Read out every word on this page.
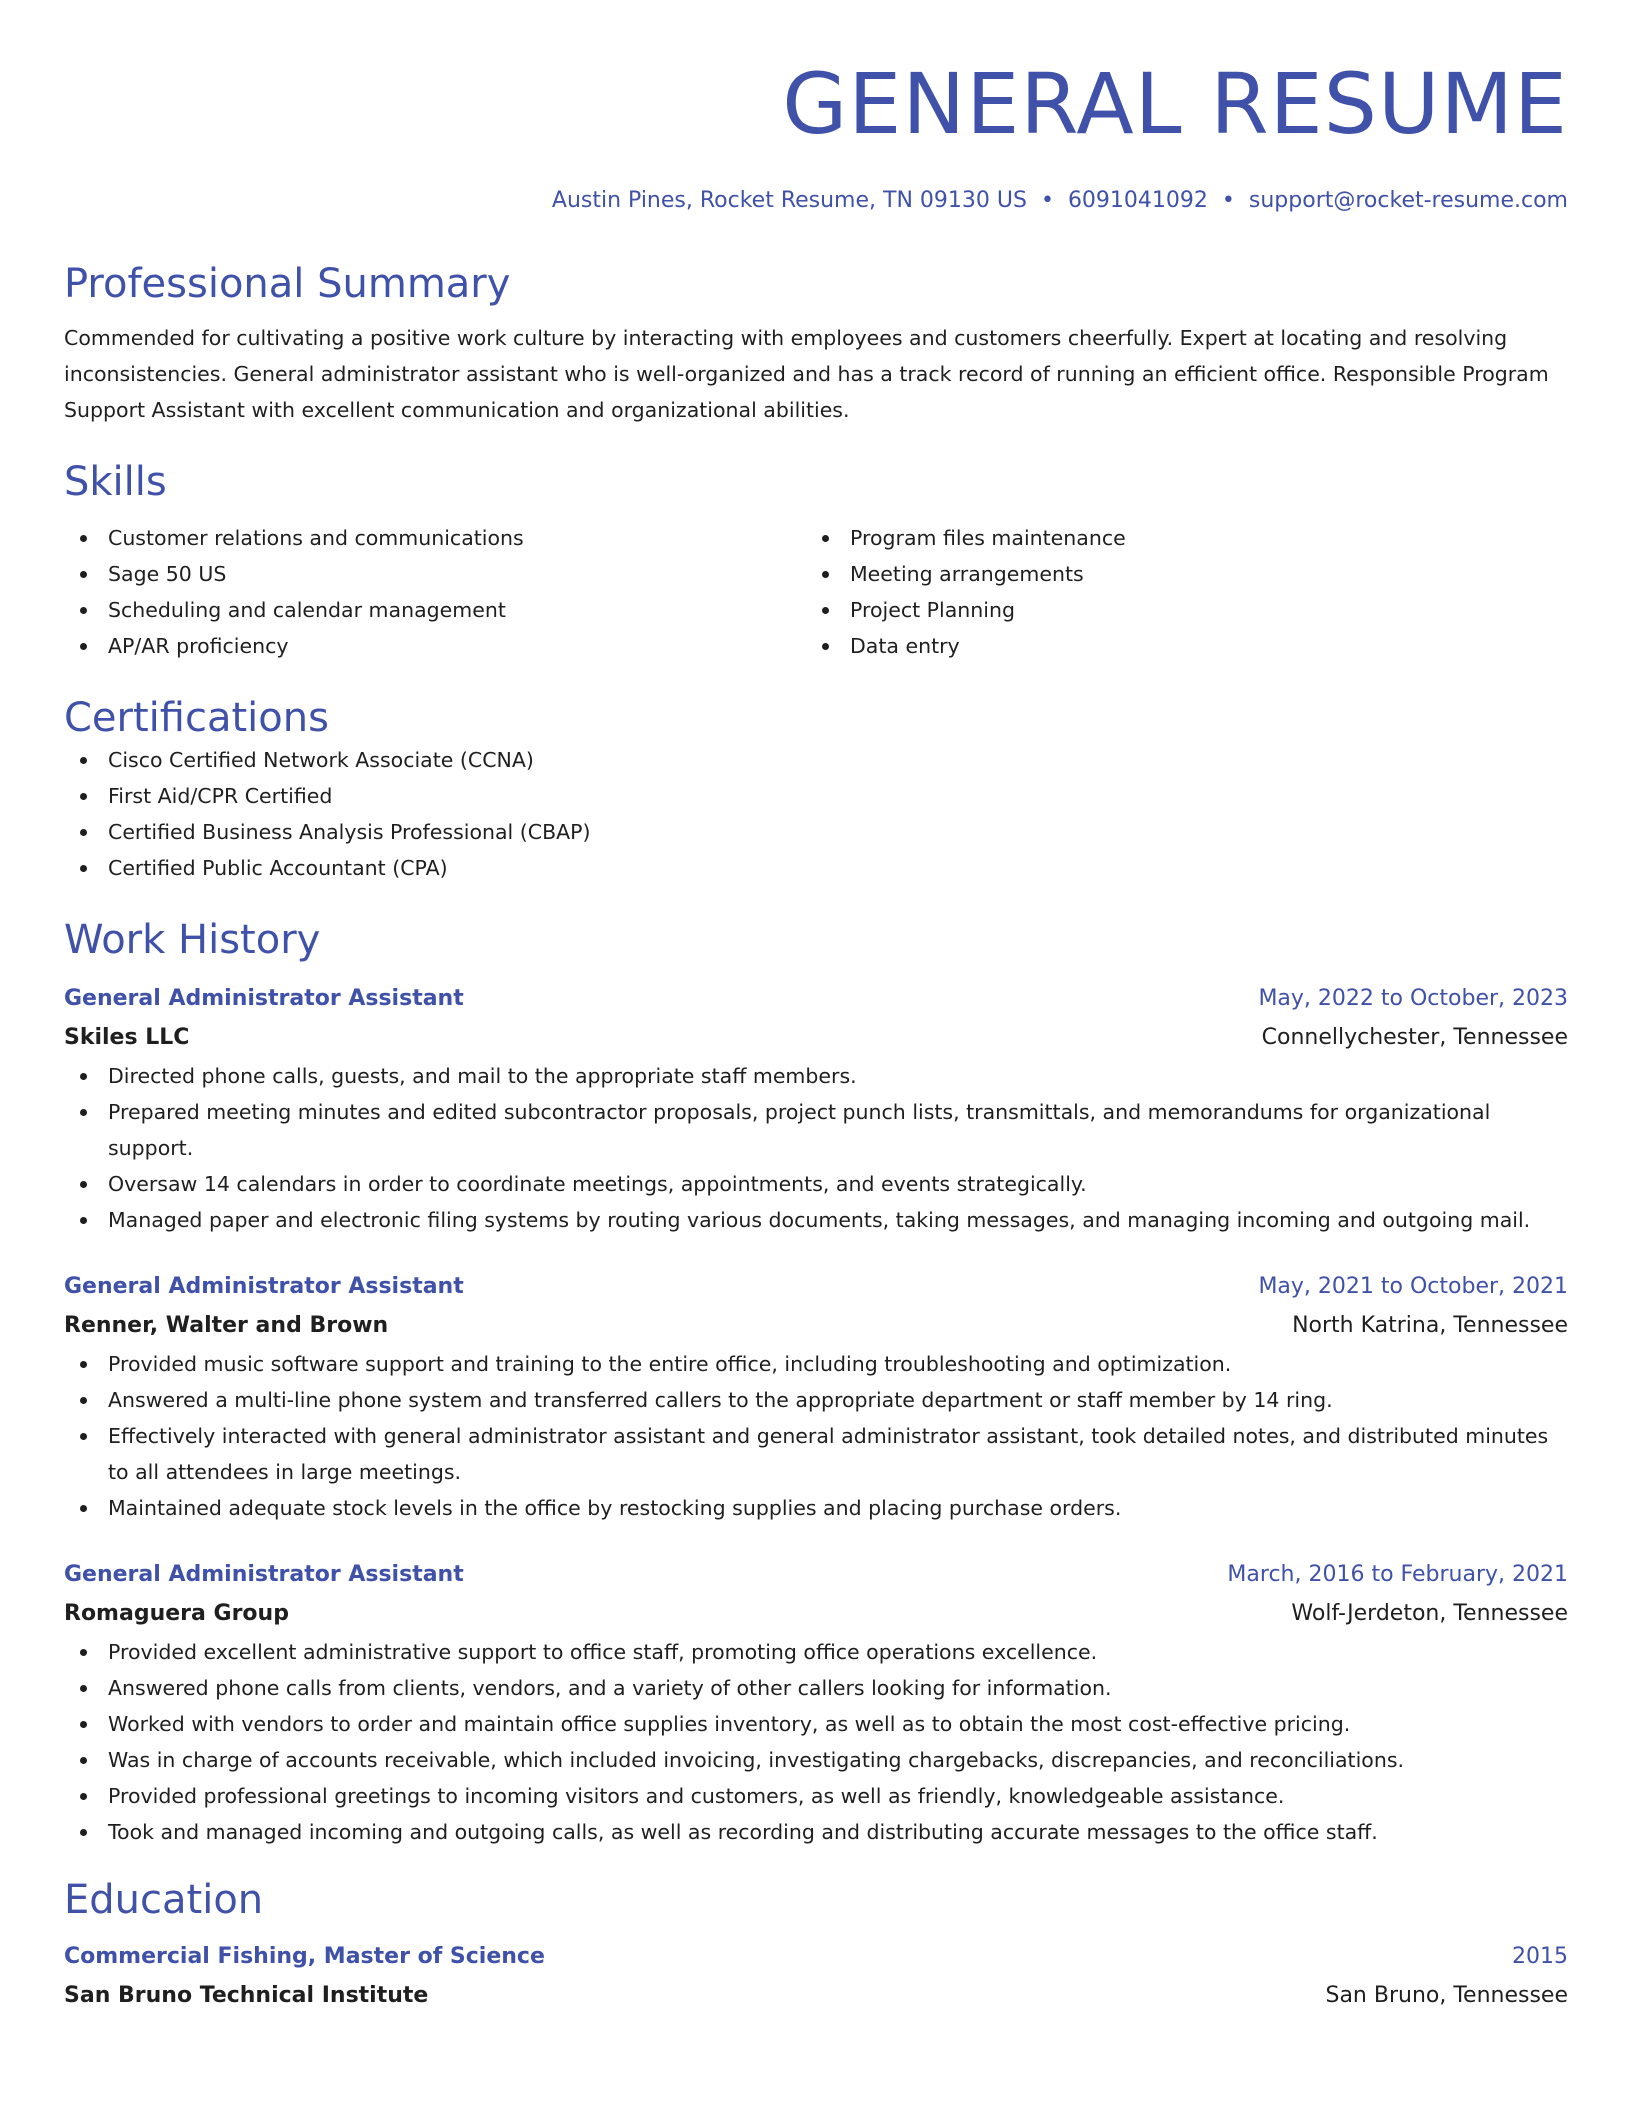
GENERAL RESUME
Austin Pines, Rocket Resume, TN 09130 US • 6091041092 • support@rocket-resume.com
Professional Summary
Commended for cultivating a positive work culture by interacting with employees and customers cheerfully. Expert at locating and resolving inconsistencies. General administrator assistant who is well-organized and has a track record of running an efficient office. Responsible Program Support Assistant with excellent communication and organizational abilities.
Skills
Customer relations and communications
Sage 50 US
Scheduling and calendar management
AP/AR proficiency
Program files maintenance
Meeting arrangements
Project Planning
Data entry
Certifications
Cisco Certified Network Associate (CCNA)
First Aid/CPR Certified
Certified Business Analysis Professional (CBAP)
Certified Public Accountant (CPA)
Work History
General Administrator Assistant	May, 2022 to October, 2023
Skiles LLC	Connellychester, Tennessee
Directed phone calls, guests, and mail to the appropriate staff members.
Prepared meeting minutes and edited subcontractor proposals, project punch lists, transmittals, and memorandums for organizational support.
Oversaw 14 calendars in order to coordinate meetings, appointments, and events strategically.
Managed paper and electronic filing systems by routing various documents, taking messages, and managing incoming and outgoing mail.
General Administrator Assistant	May, 2021 to October, 2021
Renner, Walter and Brown	North Katrina, Tennessee
Provided music software support and training to the entire office, including troubleshooting and optimization.
Answered a multi-line phone system and transferred callers to the appropriate department or staff member by 14 ring.
Effectively interacted with general administrator assistant and general administrator assistant, took detailed notes, and distributed minutes to all attendees in large meetings.
Maintained adequate stock levels in the office by restocking supplies and placing purchase orders.
General Administrator Assistant	March, 2016 to February, 2021
Romaguera Group	Wolf-Jerdeton, Tennessee
Provided excellent administrative support to office staff, promoting office operations excellence.
Answered phone calls from clients, vendors, and a variety of other callers looking for information.
Worked with vendors to order and maintain office supplies inventory, as well as to obtain the most cost-effective pricing.
Was in charge of accounts receivable, which included invoicing, investigating chargebacks, discrepancies, and reconciliations.
Provided professional greetings to incoming visitors and customers, as well as friendly, knowledgeable assistance.
Took and managed incoming and outgoing calls, as well as recording and distributing accurate messages to the office staff.
Education
Commercial Fishing, Master of Science	2015
San Bruno Technical Institute	San Bruno, Tennessee
